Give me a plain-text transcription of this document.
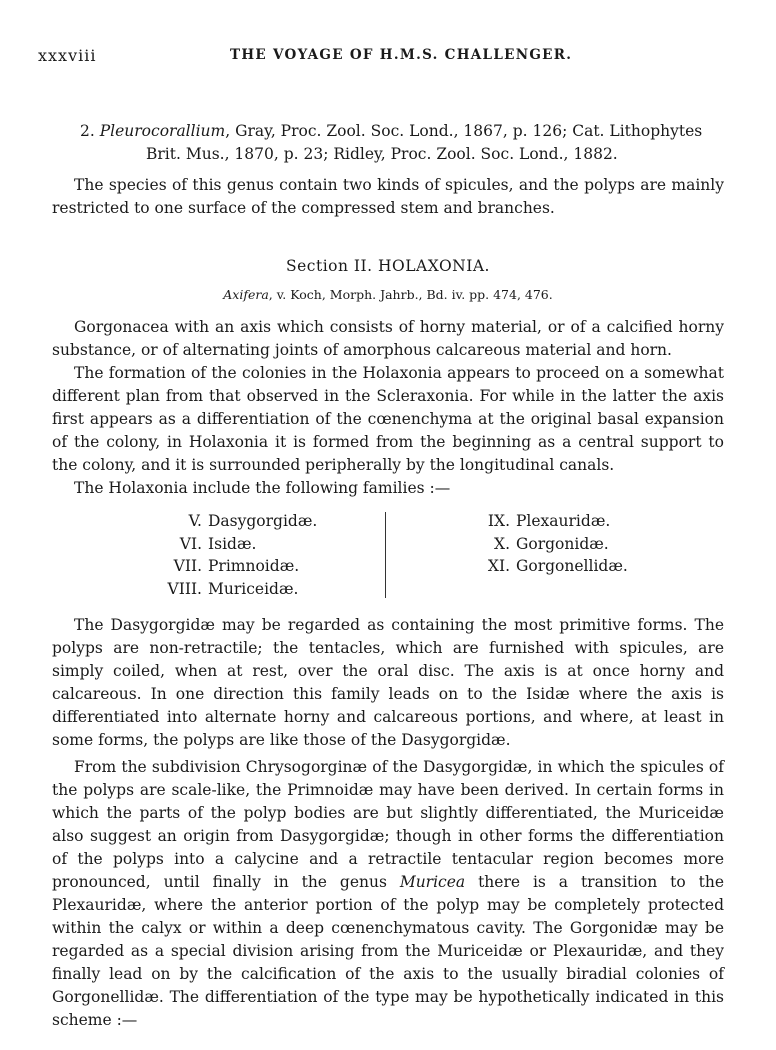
xxxviii	THE VOYAGE OF H.M.S. CHALLENGER.
2. Pleurocorallium, Gray, Proc. Zool. Soc. Lond., 1867, p. 126; Cat. Lithophytes
Brit. Mus., 1870, p. 23; Ridley, Proc. Zool. Soc. Lond., 1882.
The species of this genus contain two kinds of spicules, and the polyps are mainly restricted to one surface of the compressed stem and branches.
Section II. HOLAXONIA.
Axifera, v. Koch, Morph. Jahrb., Bd. iv. pp. 474, 476.
Gorgonacea with an axis which consists of horny material, or of a calcified horny substance, or of alternating joints of amorphous calcareous material and horn.
The formation of the colonies in the Holaxonia appears to proceed on a somewhat different plan from that observed in the Scleraxonia. For while in the latter the axis first appears as a differentiation of the cœnenchyma at the original basal expansion of the colony, in Holaxonia it is formed from the beginning as a central support to the colony, and it is surrounded peripherally by the longitudinal canals.
The Holaxonia include the following families :—
V. Dasygorgidæ.
VI. Isidæ.
VII. Primnoidæ.
VIII. Muriceidæ.
IX. Plexauridæ.
X. Gorgonidæ.
XI. Gorgonellidæ.
The Dasygorgidæ may be regarded as containing the most primitive forms. The polyps are non-retractile; the tentacles, which are furnished with spicules, are simply coiled, when at rest, over the oral disc. The axis is at once horny and calcareous. In one direction this family leads on to the Isidæ where the axis is differentiated into alternate horny and calcareous portions, and where, at least in some forms, the polyps are like those of the Dasygorgidæ.
From the subdivision Chrysogorginæ of the Dasygorgidæ, in which the spicules of the polyps are scale-like, the Primnoidæ may have been derived. In certain forms in which the parts of the polyp bodies are but slightly differentiated, the Muriceidæ also suggest an origin from Dasygorgidæ; though in other forms the differentiation of the polyps into a calycine and a retractile tentacular region becomes more pronounced, until finally in the genus Muricea there is a transition to the Plexauridæ, where the anterior portion of the polyp may be completely protected within the calyx or within a deep cœnenchymatous cavity. The Gorgonidæ may be regarded as a special division arising from the Muriceidæ or Plexauridæ, and they finally lead on by the calcification of the axis to the usually biradial colonies of Gorgonellidæ. The differentiation of the type may be hypothetically indicated in this scheme :—
